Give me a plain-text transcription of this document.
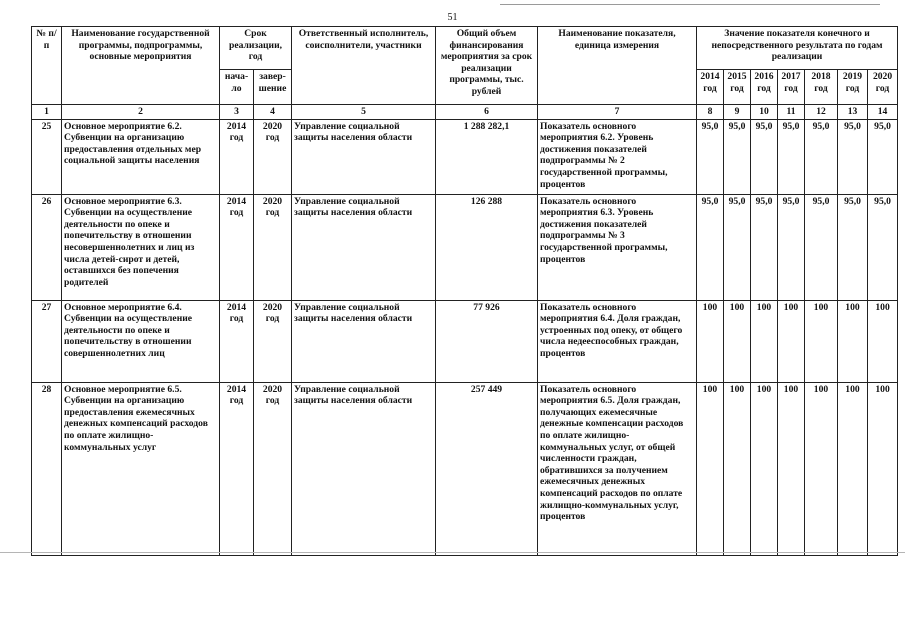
51
№ п/п	Наименование государственной программы, подпрограммы, основные мероприятия	Срок реализации, год		Ответственный исполнитель, соисполнители, участники	Общий объем финансирования мероприятия за срок реализации программы, тыс. рублей	Наименование показателя, единица измерения	Значение показателя конечного и непосредственного результата по годам реализации						
		нача-ло	завер-шение				2014 год	2015 год	2016 год	2017 год	2018 год	2019 год	2020 год
1	2	3	4	5	6	7	8	9	10	11	12	13	14
25	Основное мероприятие 6.2. Субвенции на организацию предоставления отдельных мер социальной защиты населения	2014 год	2020 год	Управление социальной защиты населения области	1 288 282,1	Показатель основного мероприятия 6.2. Уровень достижения показателей подпрограммы № 2 государственной программы, процентов	95,0	95,0	95,0	95,0	95,0	95,0	95,0
26	Основное мероприятие 6.3. Субвенции на осуществление деятельности по опеке и попечительству в отношении несовершеннолетних и лиц из числа детей-сирот и детей, оставшихся без попечения родителей	2014 год	2020 год	Управление социальной защиты населения области	126 288	Показатель основного мероприятия 6.3. Уровень достижения показателей подпрограммы № 3 государственной программы, процентов	95,0	95,0	95,0	95,0	95,0	95,0	95,0
27	Основное мероприятие 6.4. Субвенции на осуществление деятельности по опеке и попечительству в отношении совершеннолетних лиц	2014 год	2020 год	Управление социальной защиты населения области	77 926	Показатель основного мероприятия 6.4. Доля граждан, устроенных под опеку, от общего числа недееспособных граждан, процентов	100	100	100	100	100	100	100
28	Основное мероприятие 6.5. Субвенции на организацию предоставления ежемесячных денежных компенсаций расходов по оплате жилищно-коммунальных услуг	2014 год	2020 год	Управление социальной защиты населения области	257 449	Показатель основного мероприятия 6.5. Доля граждан, получающих ежемесячные денежные компенсации расходов по оплате жилищно-коммунальных услуг, от общей численности граждан, обратившихся за получением ежемесячных денежных компенсаций расходов по оплате жилищно-коммунальных услуг, процентов	100	100	100	100	100	100	100
